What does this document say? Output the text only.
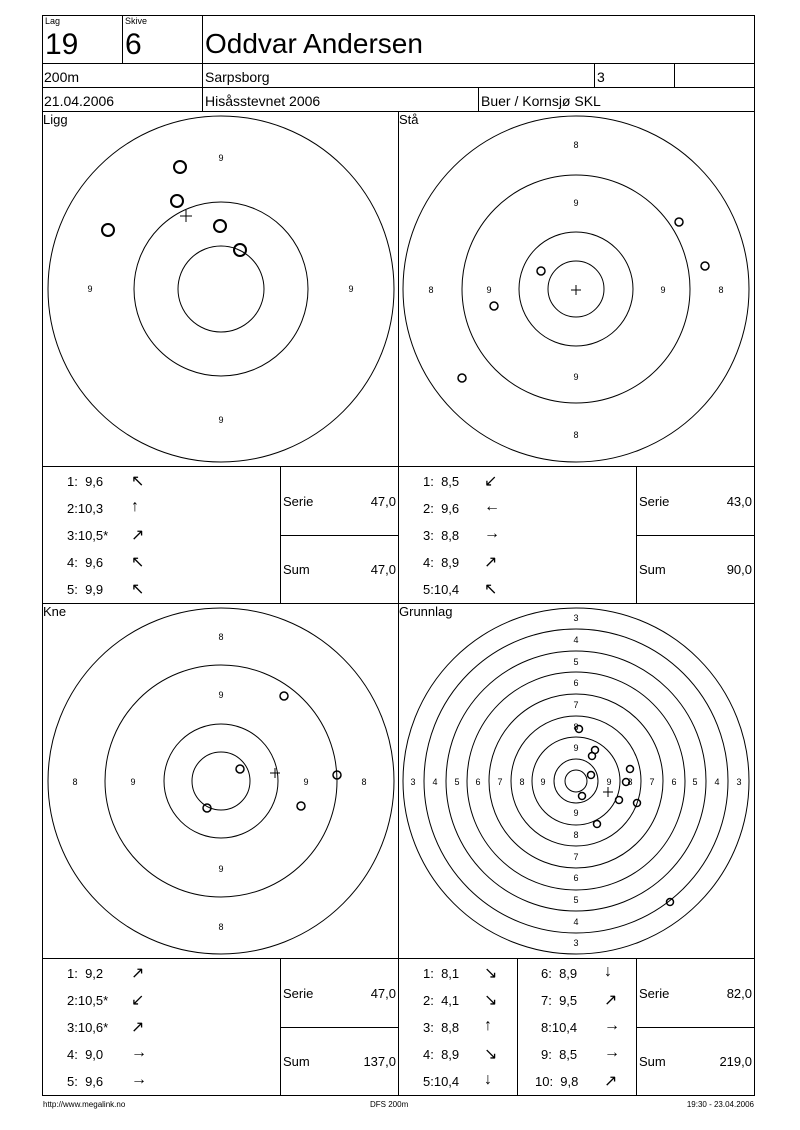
Lag
19
Skive
6 Oddvar Andersen
200m	Sarpsborg	3
21.04.2006	Hisåsstevnet 2006	Buer / Kornsjø SKL
Ligg	Stå
Kne	Grunnlag
9
9
9	9
8
9
9
8
8	9	9	8
8
9
9
8
8	9	9	8
3
4
5
6
7
8
9
9
8
7
6
5
4
3
3 4 5 6 7 8 9	9 8 7 6 5 4 3
1:  9,6 ↖
2:10,3 ↑
3:10,5* ↗
4:  9,6 ↖
5:  9,9 ↖
Serie	47,0
Sum	47,0
1:  8,5 ↙
2:  9,6 ←
3:  8,8 →
4:  8,9 ↗
5:10,4 ↖
Serie	43,0
Sum	90,0
1:  9,2 ↗
2:10,5* ↙
3:10,6* ↗
4:  9,0 →
5:  9,6 →
Serie	47,0
Sum	137,0
1:  8,1 ↘
2:  4,1 ↘
3:  8,8 ↑
4:  8,9 ↘
5:10,4 ↓
6:  8,9 ↓
7:  9,5 ↗
8:10,4 →
9:  8,5 →
10:  9,8 ↗
Serie	82,0
Sum	219,0
http://www.megalink.no	DFS 200m	19:30 - 23.04.2006
